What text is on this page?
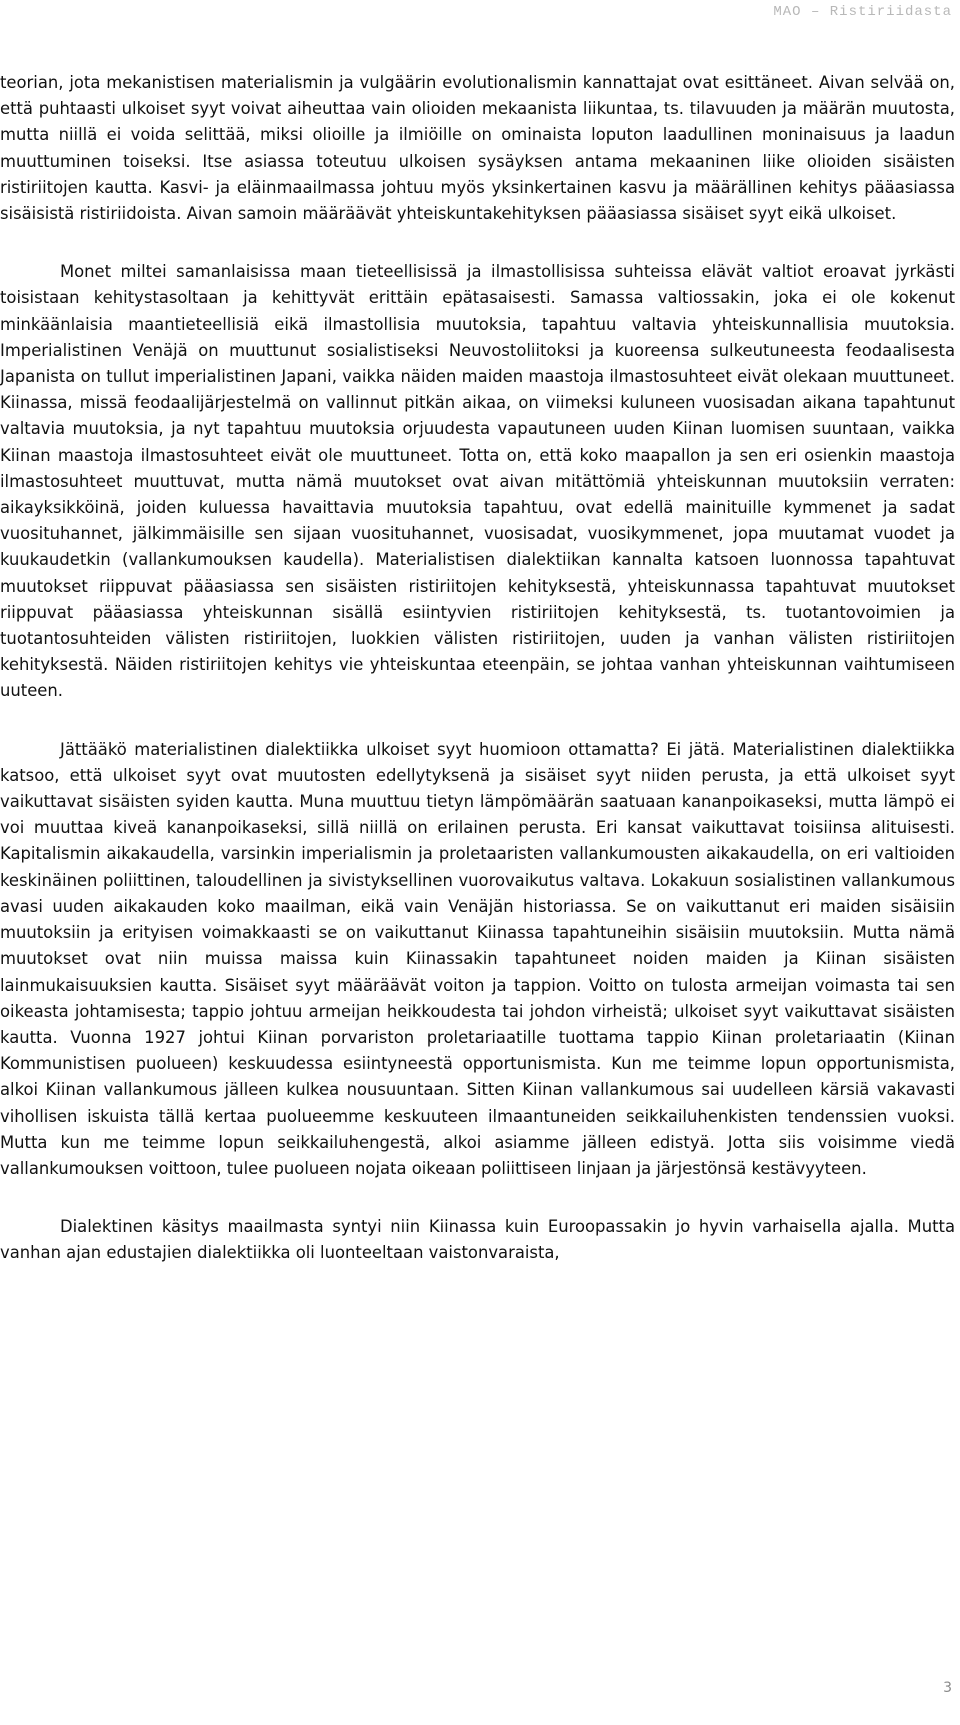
MAO – Ristiriidasta

teorian, jota mekanistisen materialismin ja vulgäärin evolutionalismin kannattajat ovat esittäneet. Aivan selvää on, että puhtaasti ulkoiset syyt voivat aiheuttaa vain olioiden mekaanista liikuntaa, ts. tilavuuden ja määrän muutosta, mutta niillä ei voida selittää, miksi olioille ja ilmiöille on ominaista loputon laadullinen moninaisuus ja laadun muuttuminen toiseksi. Itse asiassa toteutuu ulkoisen sysäyksen antama mekaaninen liike olioiden sisäisten ristiriitojen kautta. Kasvi- ja eläinmaailmassa johtuu myös yksinkertainen kasvu ja määrällinen kehitys pääasiassa sisäisistä ristiriidoista. Aivan samoin määräävät yhteiskuntakehityksen pääasiassa sisäiset syyt eikä ulkoiset.

Monet miltei samanlaisissa maan tieteellisissä ja ilmastollisissa suhteissa elävät valtiot eroavat jyrkästi toisistaan kehitystasoltaan ja kehittyvät erittäin epätasaisesti. Samassa valtiossakin, joka ei ole kokenut minkäänlaisia maantieteellisiä eikä ilmastollisia muutoksia, tapahtuu valtavia yhteiskunnallisia muutoksia. Imperialistinen Venäjä on muuttunut sosialistiseksi Neuvostoliitoksi ja kuoreensa sulkeutuneesta feodaalisesta Japanista on tullut imperialistinen Japani, vaikka näiden maiden maastoja ilmastosuhteet eivät olekaan muuttuneet. Kiinassa, missä feodaalijärjestelmä on vallinnut pitkän aikaa, on viimeksi kuluneen vuosisadan aikana tapahtunut valtavia muutoksia, ja nyt tapahtuu muutoksia orjuudesta vapautuneen uuden Kiinan luomisen suuntaan, vaikka Kiinan maastoja ilmastosuhteet eivät ole muuttuneet. Totta on, että koko maapallon ja sen eri osienkin maastoja ilmastosuhteet muuttuvat, mutta nämä muutokset ovat aivan mitättömiä yhteiskunnan muutoksiin verraten: aikayksikköinä, joiden kuluessa havaittavia muutoksia tapahtuu, ovat edellä mainituille kymmenet ja sadat vuosituhannet, jälkimmäisille sen sijaan vuosituhannet, vuosisadat, vuosikymmenet, jopa muutamat vuodet ja kuukaudetkin (vallankumouksen kaudella). Materialistisen dialektiikan kannalta katsoen luonnossa tapahtuvat muutokset riippuvat pääasiassa sen sisäisten ristiriitojen kehityksestä, yhteiskunnassa tapahtuvat muutokset riippuvat pääasiassa yhteiskunnan sisällä esiintyvien ristiriitojen kehityksestä, ts. tuotantovoimien ja tuotantosuhteiden välisten ristiriitojen, luokkien välisten ristiriitojen, uuden ja vanhan välisten ristiriitojen kehityksestä. Näiden ristiriitojen kehitys vie yhteiskuntaa eteenpäin, se johtaa vanhan yhteiskunnan vaihtumiseen uuteen.

Jättääkö materialistinen dialektiikka ulkoiset syyt huomioon ottamatta? Ei jätä. Materialistinen dialektiikka katsoo, että ulkoiset syyt ovat muutosten edellytyksenä ja sisäiset syyt niiden perusta, ja että ulkoiset syyt vaikuttavat sisäisten syiden kautta. Muna muuttuu tietyn lämpömäärän saatuaan kananpoikaseksi, mutta lämpö ei voi muuttaa kiveä kananpoikaseksi, sillä niillä on erilainen perusta. Eri kansat vaikuttavat toisiinsa alituisesti. Kapitalismin aikakaudella, varsinkin imperialismin ja proletaaristen vallankumousten aikakaudella, on eri valtioiden keskinäinen poliittinen, taloudellinen ja sivistyksellinen vuorovaikutus valtava. Lokakuun sosialistinen vallankumous avasi uuden aikakauden koko maailman, eikä vain Venäjän historiassa. Se on vaikuttanut eri maiden sisäisiin muutoksiin ja erityisen voimakkaasti se on vaikuttanut Kiinassa tapahtuneihin sisäisiin muutoksiin. Mutta nämä muutokset ovat niin muissa maissa kuin Kiinassakin tapahtuneet noiden maiden ja Kiinan sisäisten lainmukaisuuksien kautta. Sisäiset syyt määräävät voiton ja tappion. Voitto on tulosta armeijan voimasta tai sen oikeasta johtamisesta; tappio johtuu armeijan heikkoudesta tai johdon virheistä; ulkoiset syyt vaikuttavat sisäisten kautta. Vuonna 1927 johtui Kiinan porvariston proletariaatille tuottama tappio Kiinan proletariaatin (Kiinan Kommunistisen puolueen) keskuudessa esiintyneestä opportunismista. Kun me teimme lopun opportunismista, alkoi Kiinan vallankumous jälleen kulkea nousuuntaan. Sitten Kiinan vallankumous sai uudelleen kärsiä vakavasti vihollisen iskuista tällä kertaa puolueemme keskuuteen ilmaantuneiden seikkailuhenkisten tendenssien vuoksi. Mutta kun me teimme lopun seikkailuhengestä, alkoi asiamme jälleen edistyä. Jotta siis voisimme viedä vallankumouksen voittoon, tulee puolueen nojata oikeaan poliittiseen linjaan ja järjestönsä kestävyyteen.

Dialektinen käsitys maailmasta syntyi niin Kiinassa kuin Euroopassakin jo hyvin varhaisella ajalla. Mutta vanhan ajan edustajien dialektiikka oli luonteeltaan vaistonvaraista,

3
